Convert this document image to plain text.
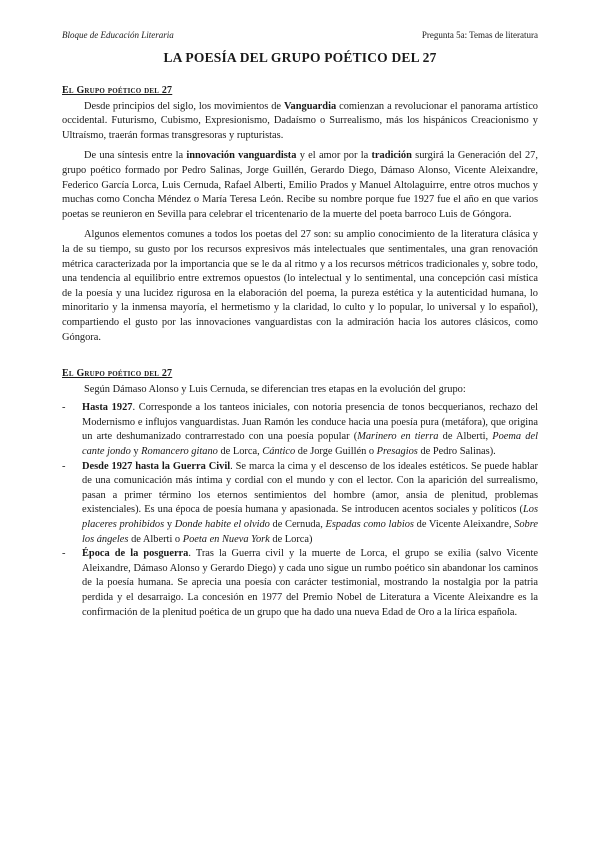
Bloque de Educación Literaria	Pregunta 5a: Temas de literatura
LA POESÍA DEL GRUPO POÉTICO DEL 27
El Grupo poético del 27

Desde principios del siglo, los movimientos de Vanguardia comienzan a revolucionar el panorama artístico occidental. Futurismo, Cubismo, Expresionismo, Dadaísmo o Surrealismo, más los hispánicos Creacionismo y Ultraísmo, traerán formas transgresoras y rupturistas.

De una síntesis entre la innovación vanguardista y el amor por la tradición surgirá la Generación del 27, grupo poético formado por Pedro Salinas, Jorge Guillén, Gerardo Diego, Dámaso Alonso, Vicente Aleixandre, Federico García Lorca, Luis Cernuda, Rafael Alberti, Emilio Prados y Manuel Altolaguirre, entre otros muchos y muchas como Concha Méndez o María Teresa León. Recibe su nombre porque fue 1927 fue el año en que varios poetas se reunieron en Sevilla para celebrar el tricentenario de la muerte del poeta barroco Luis de Góngora.

Algunos elementos comunes a todos los poetas del 27 son: su amplio conocimiento de la literatura clásica y la de su tiempo, su gusto por los recursos expresivos más intelectuales que sentimentales, una gran renovación métrica caracterizada por la importancia que se le da al ritmo y a los recursos métricos tradicionales y, sobre todo, una tendencia al equilibrio entre extremos opuestos (lo intelectual y lo sentimental, una concepción casi mística de la poesía y una lucidez rigurosa en la elaboración del poema, la pureza estética y la autenticidad humana, lo minoritario y la inmensa mayoría, el hermetismo y la claridad, lo culto y lo popular, lo universal y lo español), compartiendo el gusto por las innovaciones vanguardistas con la admiración hacia los autores clásicos, como Góngora.

El Grupo poético del 27

Según Dámaso Alonso y Luis Cernuda, se diferencian tres etapas en la evolución del grupo:

- Hasta 1927. Corresponde a los tanteos iniciales, con notoria presencia de tonos becquerianos, rechazo del Modernismo e influjos vanguardistas. Juan Ramón les conduce hacia una poesía pura (metáfora), que origina un arte deshumanizado contrarrestado con una poesía popular (Marinero en tierra de Alberti, Poema del cante jondo y Romancero gitano de Lorca, Cántico de Jorge Guillén o Presagios de Pedro Salinas).
- Desde 1927 hasta la Guerra Civil. Se marca la cima y el descenso de los ideales estéticos. Se puede hablar de una comunicación más íntima y cordial con el mundo y con el lector. Con la aparición del surrealismo, pasan a primer término los eternos sentimientos del hombre (amor, ansia de plenitud, problemas existenciales). Es una época de poesía humana y apasionada. Se introducen acentos sociales y políticos (Los placeres prohibidos y Donde habite el olvido de Cernuda, Espadas como labios de Vicente Aleixandre, Sobre los ángeles de Alberti o Poeta en Nueva York de Lorca)
- Época de la posguerra. Tras la Guerra civil y la muerte de Lorca, el grupo se exilia (salvo Vicente Aleixandre, Dámaso Alonso y Gerardo Diego) y cada uno sigue un rumbo poético sin abandonar los caminos de la poesía humana. Se aprecia una poesía con carácter testimonial, mostrando la nostalgia por la patria perdida y el desarraigo. La concesión en 1977 del Premio Nobel de Literatura a Vicente Aleixandre es la confirmación de la plenitud poética de un grupo que ha dado una nueva Edad de Oro a la lírica española.
